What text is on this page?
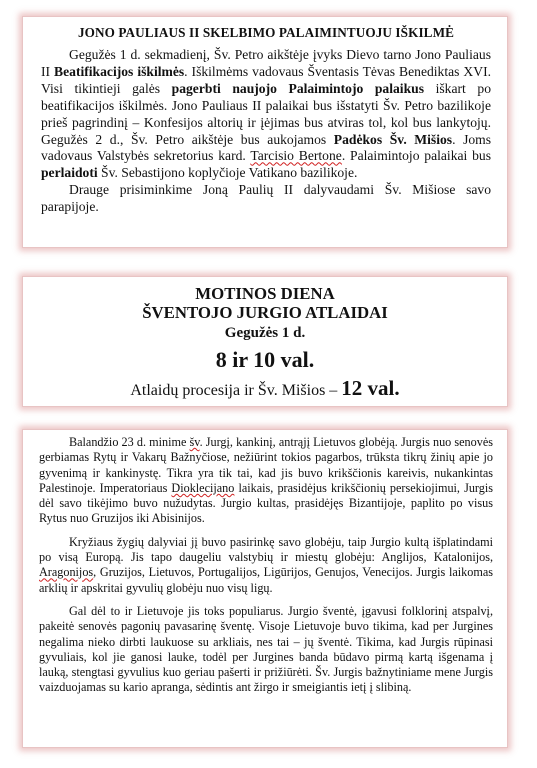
JONO PAULIAUS II SKELBIMO PALAIMINTUOJU IŠKILMĖ

Gegužės 1 d. sekmadienį, Šv. Petro aikštėje įvyks Dievo tarno Jono Pauliaus II Beatifikacijos iškilmės. Iškilmėms vadovaus Šventasis Tėvas Benediktas XVI. Visi tikintieji galės pagerbti naujojo Palaimintojo palaikus iškart po beatifikacijos iškilmės. Jono Pauliaus II palaikai bus išstatyti Šv. Petro bazilikoje prieš pagrindinį – Konfesijos altorių ir įėjimas bus atviras tol, kol bus lankytojų. Gegužės 2 d., Šv. Petro aikštėje bus aukojamos Padėkos Šv. Mišios. Joms vadovaus Valstybės sekretorius kard. Tarcisio Bertone. Palaimintojo palaikai bus perlaidoti Šv. Sebastijono koplyčioje Vatikano bazilikoje.

Drauge prisiminkime Joną Paulių II dalyvaudami Šv. Mišiose savo parapijoje.

MOTINOS DIENA
ŠVENTOJO JURGIO ATLAIDAI
Gegužės 1 d.
8 ir 10 val.
Atlaidų procesija ir Šv. Mišios – 12 val.

Balandžio 23 d. minime šv. Jurgį, kankinį, antrąjį Lietuvos globėją. Jurgis nuo senovės gerbiamas Rytų ir Vakarų Bažnyčiose, nežiūrint tokios pagarbos, trūksta tikrų žinių apie jo gyvenimą ir kankinystę. Tikra yra tik tai, kad jis buvo krikščionis kareivis, nukankintas Palestinoje. Imperatoriaus Dioklecijano laikais, prasidėjus krikščionių persekiojimui, Jurgis dėl savo tikėjimo buvo nužudytas. Jurgio kultas, prasidėjęs Bizantijoje, paplito po visus Rytus nuo Gruzijos iki Abisinijos.

Kryžiaus žygių dalyviai jį buvo pasirinkę savo globėju, taip Jurgio kultą išplatindami po visą Europą. Jis tapo daugeliu valstybių ir miestų globėju: Anglijos, Katalonijos, Aragonijos, Gruzijos, Lietuvos, Portugalijos, Ligūrijos, Genujos, Venecijos. Jurgis laikomas arklių ir apskritai gyvulių globėju nuo visų ligų.

Gal dėl to ir Lietuvoje jis toks populiarus. Jurgio šventė, įgavusi folklorinį atspalvį, pakeitė senovės pagonių pavasarinę šventę. Visoje Lietuvoje buvo tikima, kad per Jurgines negalima nieko dirbti laukuose su arkliais, nes tai – jų šventė. Tikima, kad Jurgis rūpinasi gyvuliais, kol jie ganosi lauke, todėl per Jurgines banda būdavo pirmą kartą išgenama į lauką, stengtasi gyvulius kuo geriau pašerti ir prižiūrėti. Šv. Jurgis bažnytiniame mene Jurgis vaizduojamas su kario apranga, sėdintis ant žirgo ir smeigiantis ietį į slibiną.
